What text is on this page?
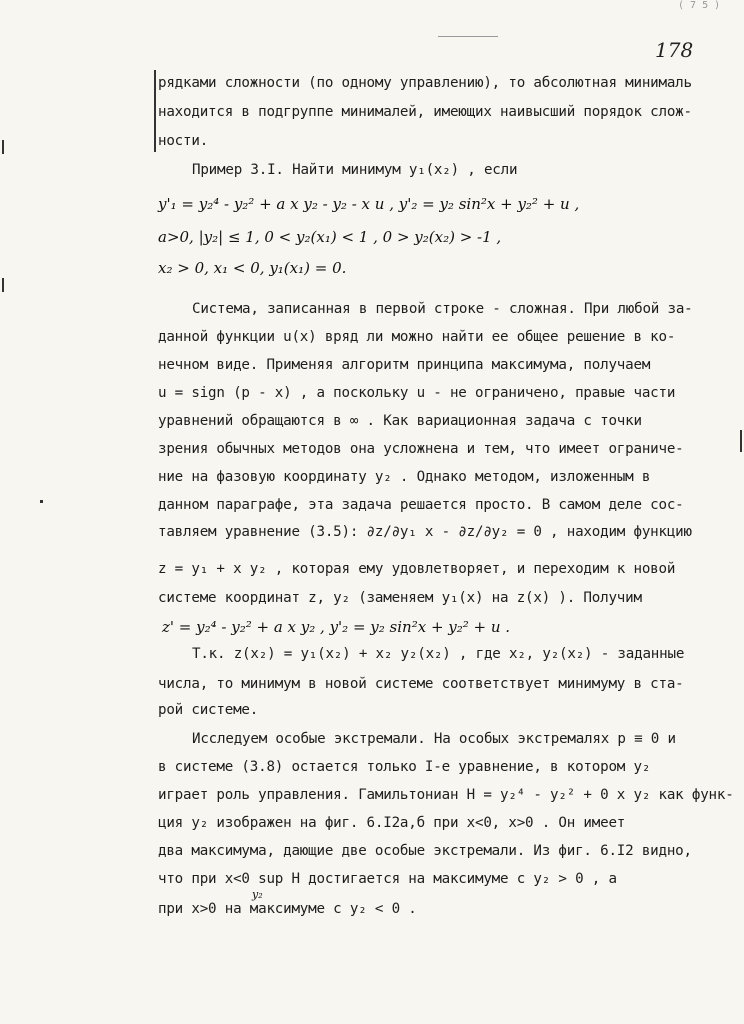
( 7 5 )
178
рядками сложности (по одному управлению), то абсолютная минималь
находится в подгруппе минималей, имеющих наивысший порядок слож-
ности.
Пример 3.I. Найти минимум y₁(x₂) , если
y'₁ = y₂⁴ - y₂² + a x y₂ - y₂ - x u , y'₂ = y₂ sin²x + y₂² + u ,
a>0, |y₂| ≤ 1, 0 < y₂(x₁) < 1 , 0 > y₂(x₂) > -1 ,
x₂ > 0, x₁ < 0, y₁(x₁) = 0.
Система, записанная в первой строке - сложная. При любой за-
данной функции u(x) вряд ли можно найти ее общее решение в ко-
нечном виде. Применяя алгоритм принципа максимума, получаем
u = sign (p - x) , а поскольку u - не ограничено, правые части
уравнений обращаются в ∞ . Как вариационная задача с точки
зрения обычных методов она усложнена и тем, что имеет ограниче-
ние на фазовую координату y₂ . Однако методом, изложенным в
данном параграфе, эта задача решается просто. В самом деле сос-
тавляем уравнение (3.5): ∂z/∂y₁ x - ∂z/∂y₂ = 0 , находим функцию
z = y₁ + x y₂ , которая ему удовлетворяет, и переходим к новой
системе координат z, y₂ (заменяем y₁(x) на z(x) ). Получим
z' = y₂⁴ - y₂² + a x y₂ , y'₂ = y₂ sin²x + y₂² + u .
Т.к. z(x₂) = y₁(x₂) + x₂ y₂(x₂) , где x₂, y₂(x₂) - заданные
числа, то минимум в новой системе соответствует минимуму в ста-
рой системе.
Исследуем особые экстремали. На особых экстремалях p ≡ 0 и
в системе (3.8) остается только I-е уравнение, в котором y₂
играет роль управления. Гамильтониан H = y₂⁴ - y₂² + 0 x y₂ как функ-
ция y₂ изображен на фиг. 6.I2а,б при x<0, x>0 . Он имеет
два максимума, дающие две особые экстремали. Из фиг. 6.I2 видно,
что при x<0 sup H достигается на максимуме c y₂ > 0 , а
y₂
при x>0 на максимуме c y₂ < 0 .
